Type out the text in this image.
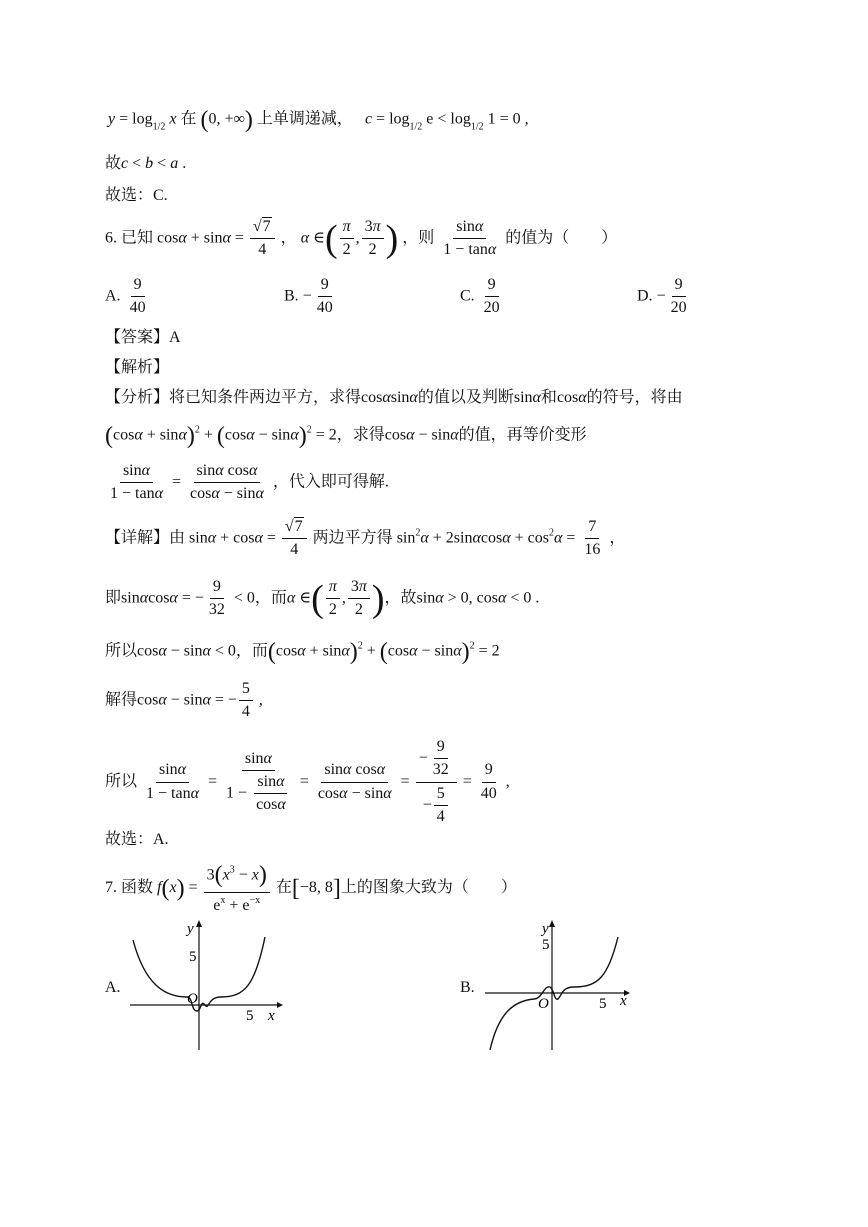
$y = \log_{1/2} x$ 在 (0, +∞) 上单调递减， $c = \log_{1/2} e < \log_{1/2} 1 = 0$ ,
故c < b < a .
故选：C.
6. 已知 $\cos\alpha + \sin\alpha = \frac{√7}{4}$ ， α ∈( $\frac{\pi}{2}$ , $\frac{3\pi}{2}$ ) ，则 $\frac{\sin\alpha}{1 - \tan\alpha}$ 的值为（　　）
A. $\frac{9}{40}$	B. − $\frac{9}{40}$	C. $\frac{9}{20}$	D. − $\frac{9}{20}$
【答案】A
【解析】
【分析】将已知条件两边平方，求得cosαsinα的值以及判断sinα和cosα的符号，将由
$(\cos\alpha + \sin\alpha)^2 + (\cos\alpha - \sin\alpha)^2 = 2$，求得cosα − sinα的值，再等价变形
$\frac{\sin\alpha}{1 - \tan\alpha} = \frac{\text{sinα cosα}}{\cos\alpha - \sin\alpha}$ ，代入即可得解.
【详解】由 $\sin\alpha + \cos\alpha = \frac{√7}{4}$ 两边平方得 $\sin^2\alpha + 2\sin\alpha\cos\alpha + \cos^2\alpha = \frac{7}{16}$ ，
即sinαcosα = − $\frac{9}{32} < 0$，而α ∈( $\frac{\pi}{2}$ , $\frac{3\pi}{2}$ )，故sinα > 0, cosα < 0 .
所以cosα − sinα < 0，而$(\cos\alpha + \sin\alpha)^2 + (\cos\alpha - \sin\alpha)^2 = 2$
解得cosα − sinα = − $\frac{5}{4}$ ,
所以 $\frac{\sin\alpha}{1 - \tan\alpha} = \frac{\sin\alpha}{1 - \frac{\sin\alpha}{\cos\alpha}} = \frac{\text{sinα cosα}}{\cos\alpha - \sin\alpha} = \frac{- \frac{9}{32}}{- \frac{5}{4}} = \frac{9}{40}$ ,
故选：A.
7. 函数 $f(x) = \frac{3(x^3 - x)}{e^x + e^{-x}}$ 在[−8, 8]上的图象大致为（　　）
A.
y
5
O
5 x
B.
y
5
O	5 x
